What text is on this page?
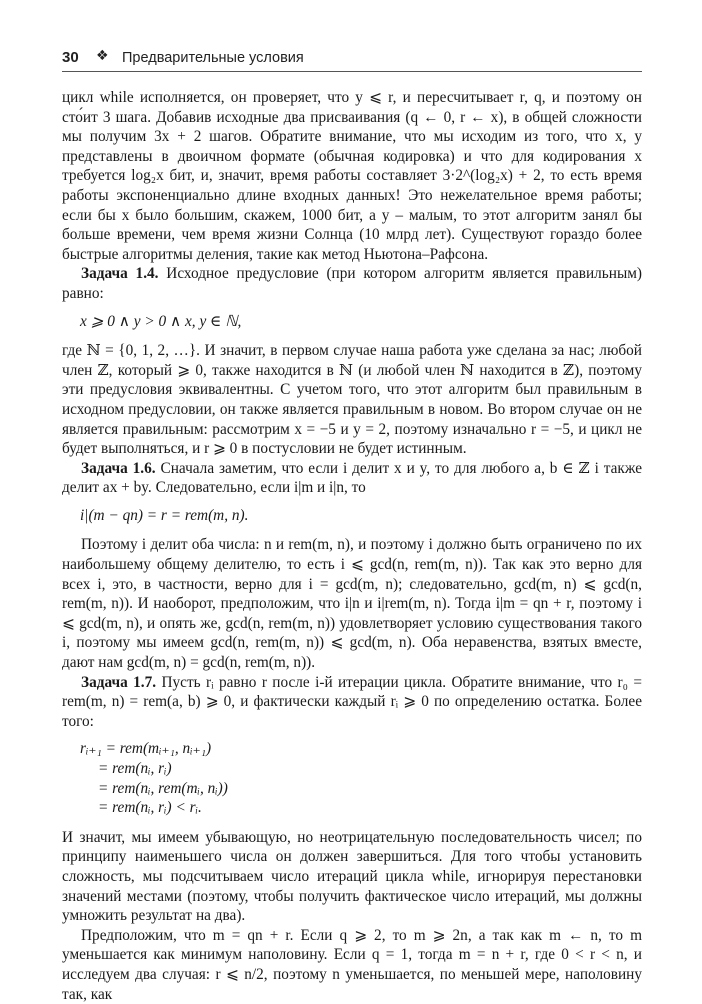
30 ❖ Предварительные условия

цикл while исполняется, он проверяет, что y ⩽ r, и пересчитывает r, q, и поэтому он сто́ит 3 шага. Добавив исходные два присваивания (q ← 0, r ← x), в общей сложности мы получим 3x + 2 шагов. Обратите внимание, что мы исходим из того, что x, y представлены в двоичном формате (обычная кодировка) и что для кодирования x требуется log₂x бит, и, значит, время работы составляет 3·2^(log₂x) + 2, то есть время работы экспоненциально длине входных данных! Это нежелательное время работы; если бы x было большим, скажем, 1000 бит, а y – малым, то этот алгоритм занял бы больше времени, чем время жизни Солнца (10 млрд лет). Существуют гораздо более быстрые алгоритмы деления, такие как метод Ньютона–Рафсона.

Задача 1.4. Исходное предусловие (при котором алгоритм является правильным) равно:

x ⩾ 0 ∧ y > 0 ∧ x, y ∈ ℕ,

где ℕ = {0, 1, 2, …}. И значит, в первом случае наша работа уже сделана за нас; любой член ℤ, который ⩾ 0, также находится в ℕ (и любой член ℕ находится в ℤ), поэтому эти предусловия эквивалентны. С учетом того, что этот алгоритм был правильным в исходном предусловии, он также является правильным в новом. Во втором случае он не является правильным: рассмотрим x = −5 и y = 2, поэтому изначально r = −5, и цикл не будет выполняться, и r ⩾ 0 в постусловии не будет истинным.

Задача 1.6. Сначала заметим, что если i делит x и y, то для любого a, b ∈ ℤ i также делит ax + by. Следовательно, если i|m и i|n, то

i|(m − qn) = r = rem(m, n).

Поэтому i делит оба числа: n и rem(m, n), и поэтому i должно быть ограничено по их наибольшему общему делителю, то есть i ⩽ gcd(n, rem(m, n)). Так как это верно для всех i, это, в частности, верно для i = gcd(m, n); следовательно, gcd(m, n) ⩽ gcd(n, rem(m, n)). И наоборот, предположим, что i|n и i|rem(m, n). Тогда i|m = qn + r, поэтому i ⩽ gcd(m, n), и опять же, gcd(n, rem(m, n)) удовлетворяет условию существования такого i, поэтому мы имеем gcd(n, rem(m, n)) ⩽ gcd(m, n). Оба неравенства, взятых вместе, дают нам gcd(m, n) = gcd(n, rem(m, n)).

Задача 1.7. Пусть rᵢ равно r после i-й итерации цикла. Обратите внимание, что r₀ = rem(m, n) = rem(a, b) ⩾ 0, и фактически каждый rᵢ ⩾ 0 по определению остатка. Более того:

rᵢ₊₁ = rem(mᵢ₊₁, nᵢ₊₁)
= rem(nᵢ, rᵢ)
= rem(nᵢ, rem(mᵢ, nᵢ))
= rem(nᵢ, rᵢ) < rᵢ.

И значит, мы имеем убывающую, но неотрицательную последовательность чисел; по принципу наименьшего числа он должен завершиться. Для того чтобы установить сложность, мы подсчитываем число итераций цикла while, игнорируя перестановки значений местами (поэтому, чтобы получить фактическое число итераций, мы должны умножить результат на два).

Предположим, что m = qn + r. Если q ⩾ 2, то m ⩾ 2n, а так как m ← n, то m уменьшается как минимум наполовину. Если q = 1, тогда m = n + r, где 0 < r < n, и исследуем два случая: r ⩽ n/2, поэтому n уменьшается, по меньшей мере, наполовину так, как
